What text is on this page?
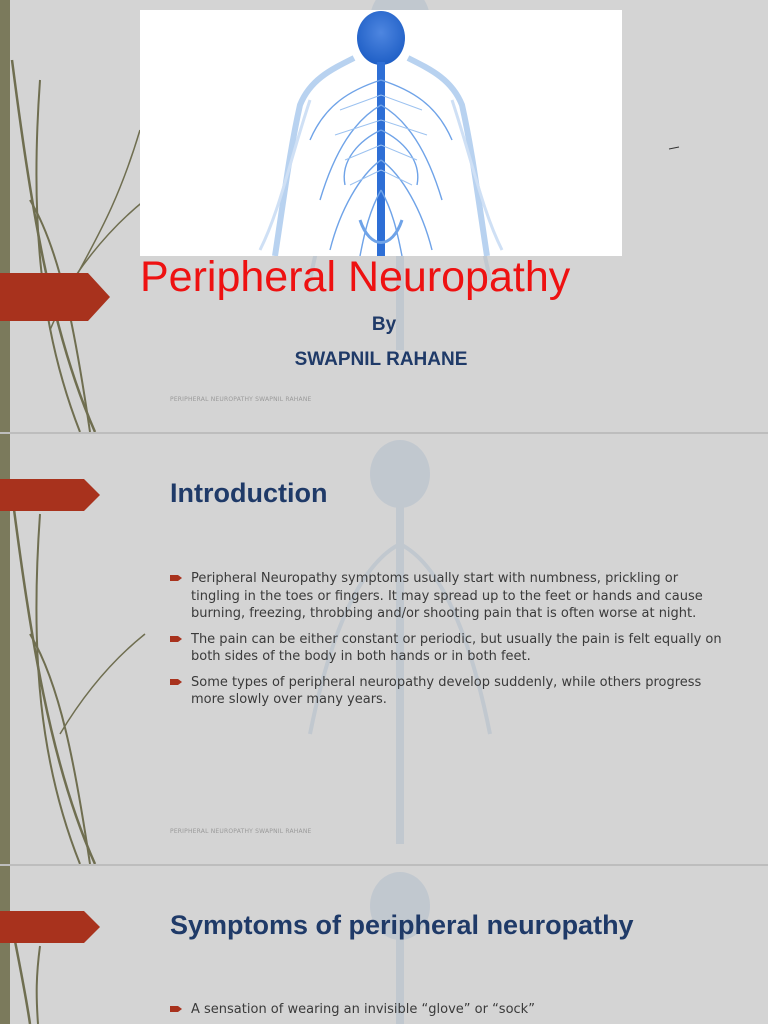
Peripheral Neuropathy
By
SWAPNIL RAHANE
PERIPHERAL NEUROPATHY SWAPNIL RAHANE
Introduction
Peripheral Neuropathy symptoms usually start with numbness, prickling or tingling in the toes or fingers. It may spread up to the feet or hands and cause burning, freezing, throbbing and/or shooting pain that is often worse at night.
The pain can be either constant or periodic, but usually the pain is felt equally on both sides of the body in both hands or in both feet.
Some types of peripheral neuropathy develop suddenly, while others progress more slowly over many years.
PERIPHERAL NEUROPATHY SWAPNIL RAHANE
Symptoms of peripheral neuropathy
A sensation of wearing an invisible “glove” or “sock”
